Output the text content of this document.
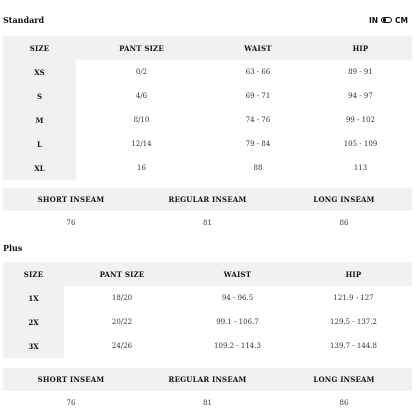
Standard	IN CM
SIZE	PANT SIZE	WAIST	HIP
XS	0/2	63 - 66	89 - 91
S	4/6	69 - 71	94 - 97
M	8/10	74 - 76	99 - 102
L	12/14	79 - 84	105 - 109
XL	16	88	113
SHORT INSEAM	REGULAR INSEAM	LONG INSEAM
76	81	86
Plus
SIZE	PANT SIZE	WAIST	HIP
1X	18/20	94 - 96.5	121.9 - 127
2X	20/22	99.1 - 106.7	129.5 - 137.2
3X	24/26	109.2 - 114.3	139.7 - 144.8
SHORT INSEAM	REGULAR INSEAM	LONG INSEAM
76	81	86
